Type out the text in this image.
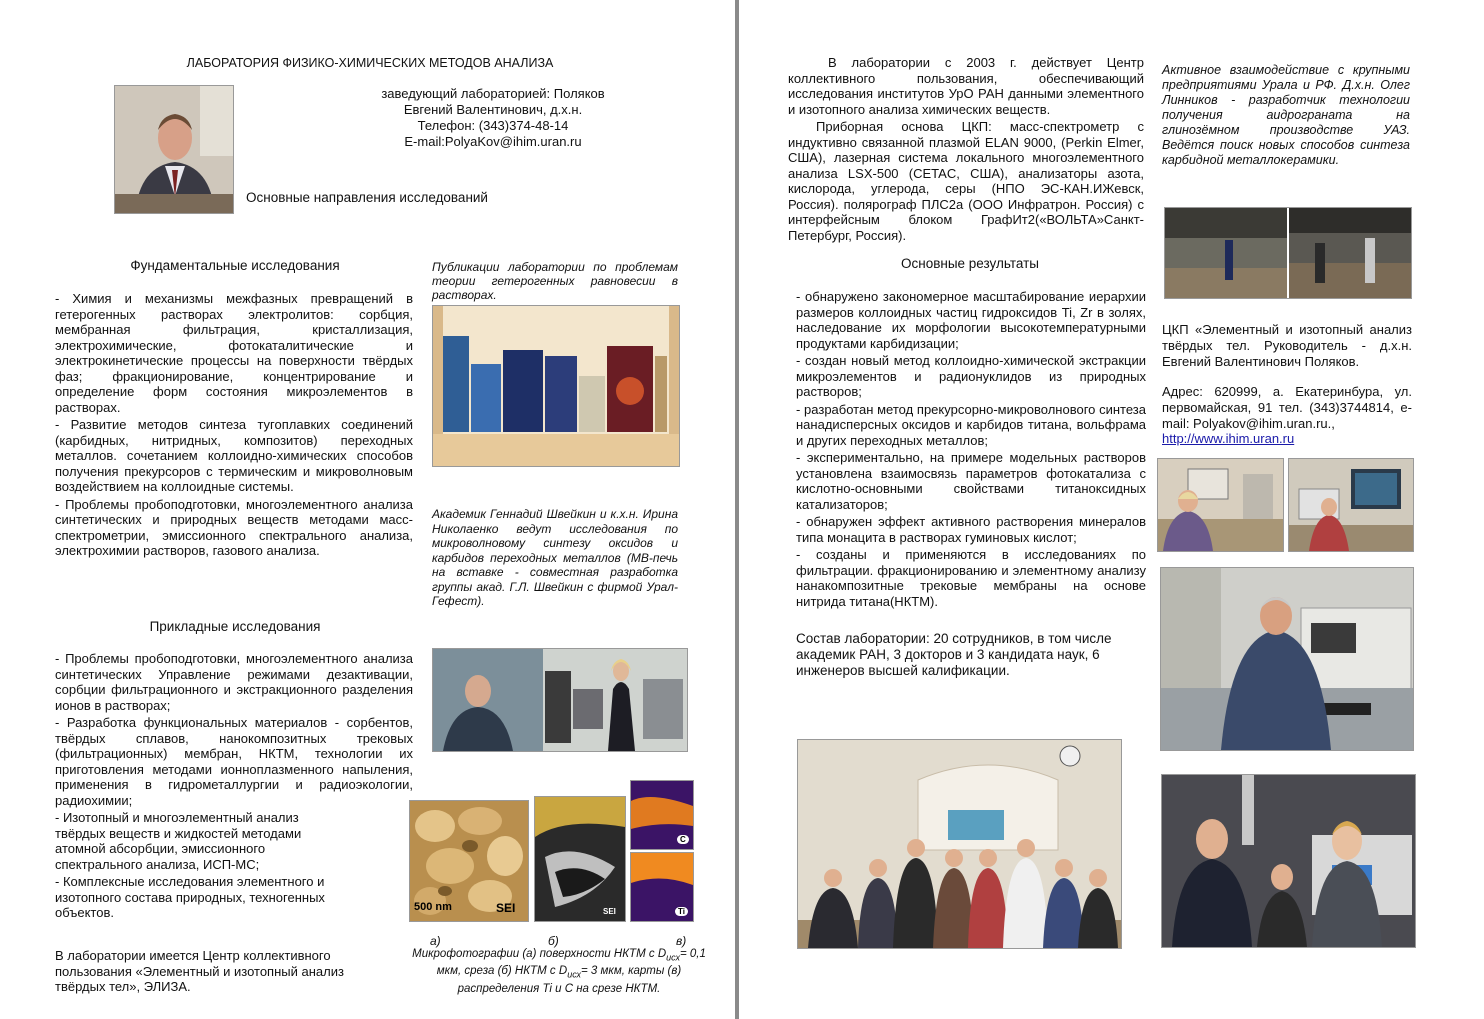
ЛАБОРАТОРИЯ ФИЗИКО-ХИМИЧЕСКИХ МЕТОДОВ АНАЛИЗА
заведующий лабораторией: Поляков
Евгений Валентинович, д.х.н.
Телефон: (343)374-48-14
E-mail:PolyaKov@ihim.uran.ru
Основные направления исследований
Фундаментальные исследования

- Химия и механизмы межфазных превращений в гетерогенных растворах электролитов: сорбция, мембранная фильтрация, кристаллизация, электрохимические, фотокаталитические и электрокинетические процессы на поверхности твёрдых фаз; фракционирование, концентрирование и определение форм состояния микроэлементов в растворах.

- Развитие методов синтеза тугоплавких соединений (карбидных, нитридных, композитов) переходных металлов. сочетанием коллоидно-химических способов получения прекурсоров с термическим и микроволновым воздействием на коллоидные системы.

- Проблемы пробоподготовки, многоэлементного анализа синтетических и природных веществ методами масс-спектрометрии, эмиссионного спектрального анализа, электрохимии растворов, газового анализа.

Прикладные исследования

- Проблемы пробоподготовки, многоэлементного анализа синтетических Управление режимами дезактивации, сорбции фильтрационного и экстракционного разделения ионов в растворах;

- Разработка функциональных материалов - сорбентов, твёрдых сплавов, нанокомпозитных трековых (фильтрационных) мембран, НКТМ, технологии их приготовления методами ионноплазменного напыления, применения в гидрометаллургии и радиоэкологии, радиохимии;

- Изотопный и многоэлементный анализ твёрдых веществ и жидкостей методами атомной абсорбции, эмиссионного спектрального анализа, ИСП-МС;

- Комплексные исследования элементного и изотопного состава природных, техногенных объектов.

В лаборатории имеется Центр коллективного пользования «Элементный и изотопный анализ твёрдых тел», ЭЛИЗА.
Публикации лаборатории по проблемам теории гетерогенных равновесии в растворах.
Академик Геннадий Швейкин и к.х.н. Ирина Николаенко ведут исследования по микроволновому синтезу оксидов и карбидов переходных металлов (МВ-печь на вставке - совместная разработка группы акад. Г.Л. Швейкин с фирмой Урал-Гефест).
500 nm	SEI	SEI
C
Ti
а)	б)	в)
Микрофотографии (а) поверхности НКТМ с $D_{исх}= 0,1$ мкм, среза (б) НКТМ с $D_{исх}= 3$ мкм, карты (в) распределения Ti и C на срезе НКТМ.

В лаборатории с 2003 г. действует Центр коллективного пользования, обеспечивающий исследования институтов УрО РАН данными элементного и изотопного анализа химических веществ.

Приборная основа ЦКП: масс-спектрометр с индуктивно связанной плазмой ELAN 9000, (Perkin Elmer, США), лазерная система локального многоэлементного анализа LSX-500 (CETAC, США), анализаторы азота, кислорода, углерода, серы (НПО ЭС-КАН.ИЖевск, Россия). полярограф ПЛС2а (ООО Инфратрон. Россия) с интерфейсным блоком ГрафИт2(«ВОЛЬТА»Санкт-Петербург, Россия).

Основные результаты

- обнаружено закономерное масштабирование иерархии размеров коллоидных частиц гидроксидов Ti, Zr в золях, наследование их морфологии высокотемпературными продуктами карбидизации;

- создан новый метод коллоидно-химической экстракции микроэлементов и радионуклидов из природных растворов;

- разработан метод прекурсорно-микроволнового синтеза нанадисперсных оксидов и карбидов титана, вольфрама и других переходных металлов;

- экспериментально, на примере модельных растворов установлена взаимосвязь параметров фотокатализа с кислотно-основными свойствами титаноксидных катализаторов;

- обнаружен эффект активного растворения минералов типа монацита в растворах гуминовых кислот;

- созданы и применяются в исследованиях по фильтрации. фракционированию и элементному анализу нанакомпозитные трековые мембраны на основе нитрида титана(НКТМ).

Состав лаборатории: 20 сотрудников, в том числе академик РАН, 3 докторов и 3 кандидата наук, 6 инженеров высшей калификации.
Активное взаимодействие с крупными предприятиями Урала и РФ. Д.х.н. Олег Линников - разработчик технологии получения аидрограната на глинозёмном производстве УАЗ. Ведётся поиск новых способов синтеза карбидной металлокерамики.
ЦКП «Элементный и изотопный анализ твёрдых тел. Руководитель - д.х.н. Евгений Валентинович Поляков.
Адрес: 620999, а. Екатеринбура, ул. первомайская, 91 тел. (343)3744814, e-mail: Polyakov@ihim.uran.ru.,
http://www.ihim.uran.ru
